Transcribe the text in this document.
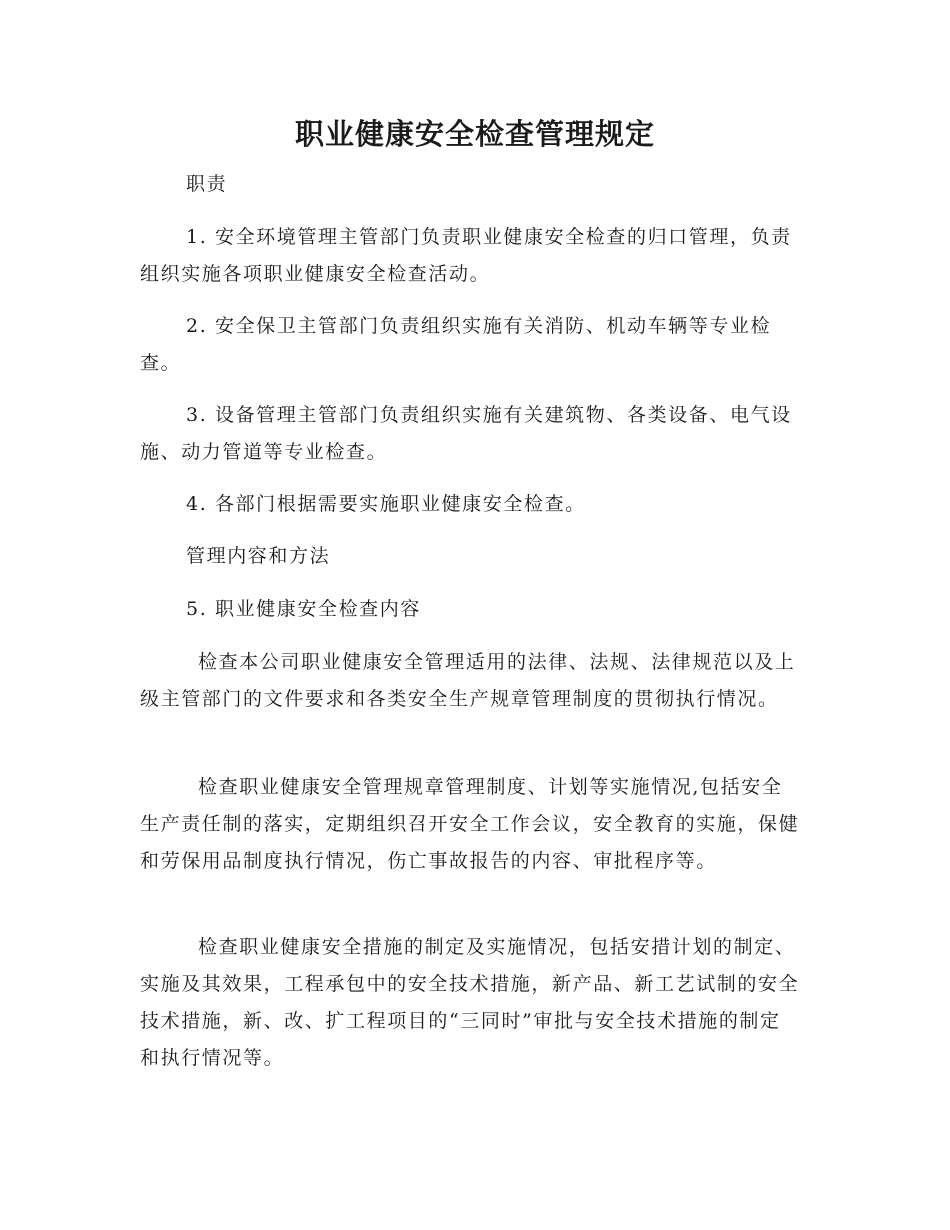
职业健康安全检查管理规定

职责

1. 安全环境管理主管部门负责职业健康安全检查的归口管理，负责组织实施各项职业健康安全检查活动。

2. 安全保卫主管部门负责组织实施有关消防、机动车辆等专业检查。

3. 设备管理主管部门负责组织实施有关建筑物、各类设备、电气设施、动力管道等专业检查。

4. 各部门根据需要实施职业健康安全检查。

管理内容和方法

5. 职业健康安全检查内容

检查本公司职业健康安全管理适用的法律、法规、法律规范以及上级主管部门的文件要求和各类安全生产规章管理制度的贯彻执行情况。

检查职业健康安全管理规章管理制度、计划等实施情况,包括安全生产责任制的落实，定期组织召开安全工作会议，安全教育的实施，保健和劳保用品制度执行情况，伤亡事故报告的内容、审批程序等。

检查职业健康安全措施的制定及实施情况，包括安措计划的制定、实施及其效果，工程承包中的安全技术措施，新产品、新工艺试制的安全技术措施，新、改、扩工程项目的“三同时”审批与安全技术措施的制定和执行情况等。
